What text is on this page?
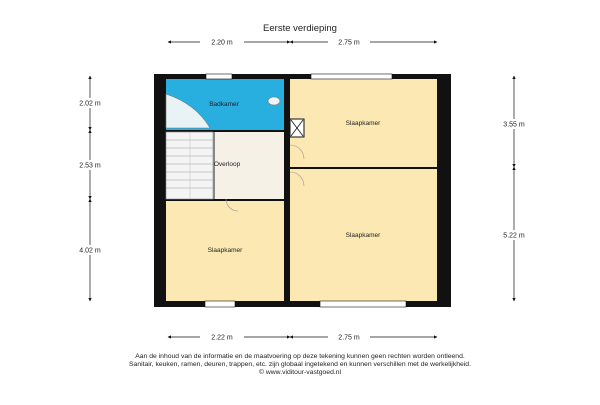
Eerste verdieping
2.20 m	2.75 m
2.02 m
2.53 m
4.02 m
3.55 m
5.22 m
2.22 m	2.75 m
Badkamer
Overloop
Slaapkamer
Slaapkamer
Slaapkamer
Aan de inhoud van de informatie en de maatvoering op deze tekening kunnen geen rechten worden ontleend.
Sanitair, keuken, ramen, deuren, trappen, etc. zijn globaal ingetekend en kunnen verschillen met de werkelijkheid.
© www.viditour-vastgoed.nl
